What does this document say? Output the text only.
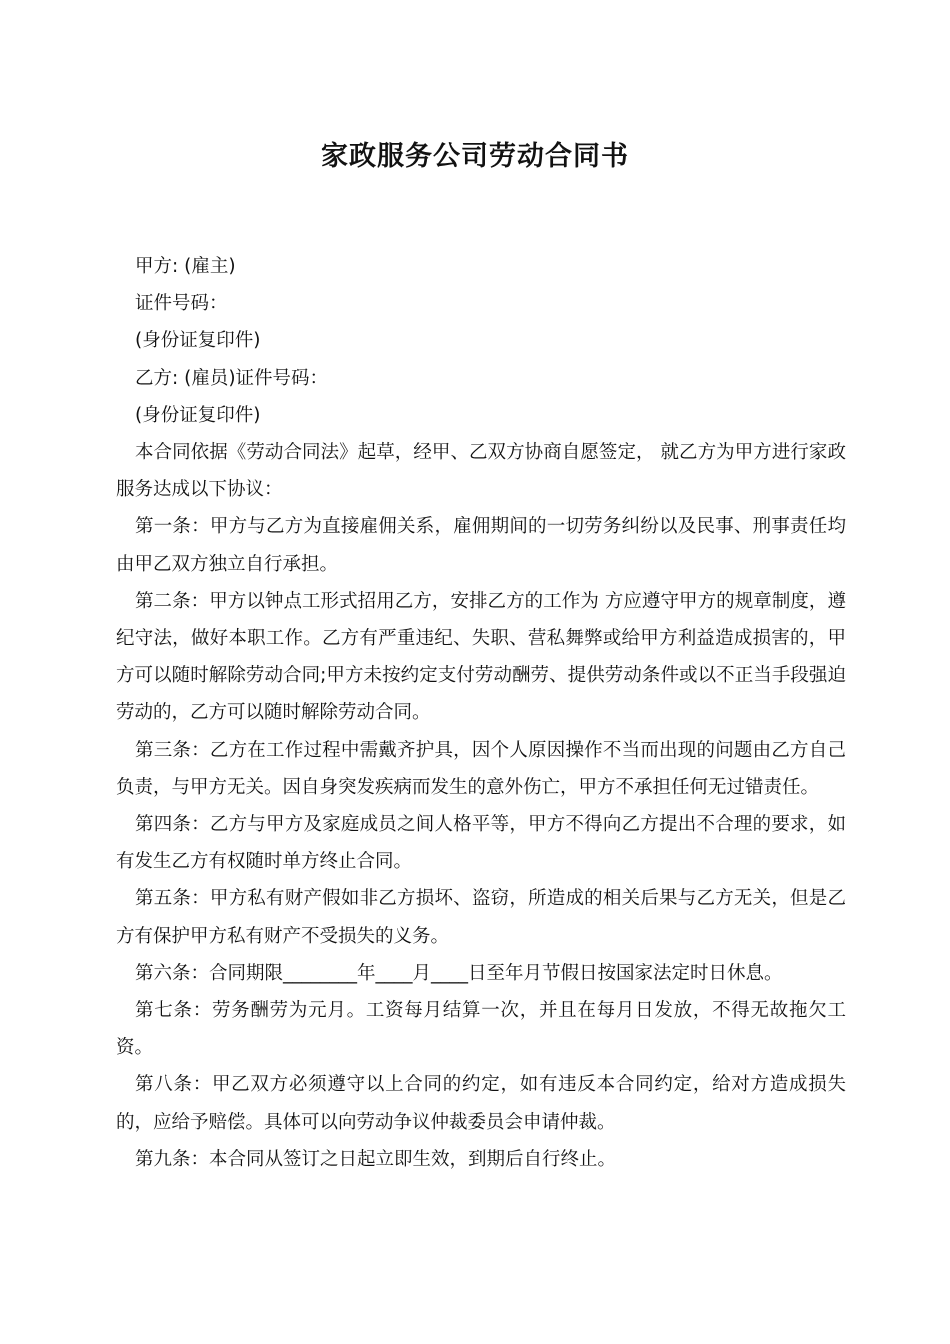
家政服务公司劳动合同书

甲方: (雇主)

证件号码：

(身份证复印件)

乙方: (雇员)证件号码：

(身份证复印件)

本合同依据《劳动合同法》起草，经甲、乙双方协商自愿签定， 就乙方为甲方进行家政服务达成以下协议：

第一条：甲方与乙方为直接雇佣关系，雇佣期间的一切劳务纠纷以及民事、刑事责任均由甲乙双方独立自行承担。

第二条：甲方以钟点工形式招用乙方，安排乙方的工作为 方应遵守甲方的规章制度，遵纪守法，做好本职工作。乙方有严重违纪、失职、营私舞弊或给甲方利益造成损害的，甲方可以随时解除劳动合同;甲方未按约定支付劳动酬劳、提供劳动条件或以不正当手段强迫劳动的，乙方可以随时解除劳动合同。

第三条：乙方在工作过程中需戴齐护具，因个人原因操作不当而出现的问题由乙方自己负责，与甲方无关。因自身突发疾病而发生的意外伤亡，甲方不承担任何无过错责任。

第四条：乙方与甲方及家庭成员之间人格平等，甲方不得向乙方提出不合理的要求，如有发生乙方有权随时单方终止合同。

第五条：甲方私有财产假如非乙方损坏、盗窃，所造成的相关后果与乙方无关，但是乙方有保护甲方私有财产不受损失的义务。

第六条：合同期限________年____月____日至年月节假日按国家法定时日休息。

第七条：劳务酬劳为元月。工资每月结算一次，并且在每月日发放，不得无故拖欠工资。

第八条：甲乙双方必须遵守以上合同的约定，如有违反本合同约定，给对方造成损失的，应给予赔偿。具体可以向劳动争议仲裁委员会申请仲裁。

第九条：本合同从签订之日起立即生效，到期后自行终止。
